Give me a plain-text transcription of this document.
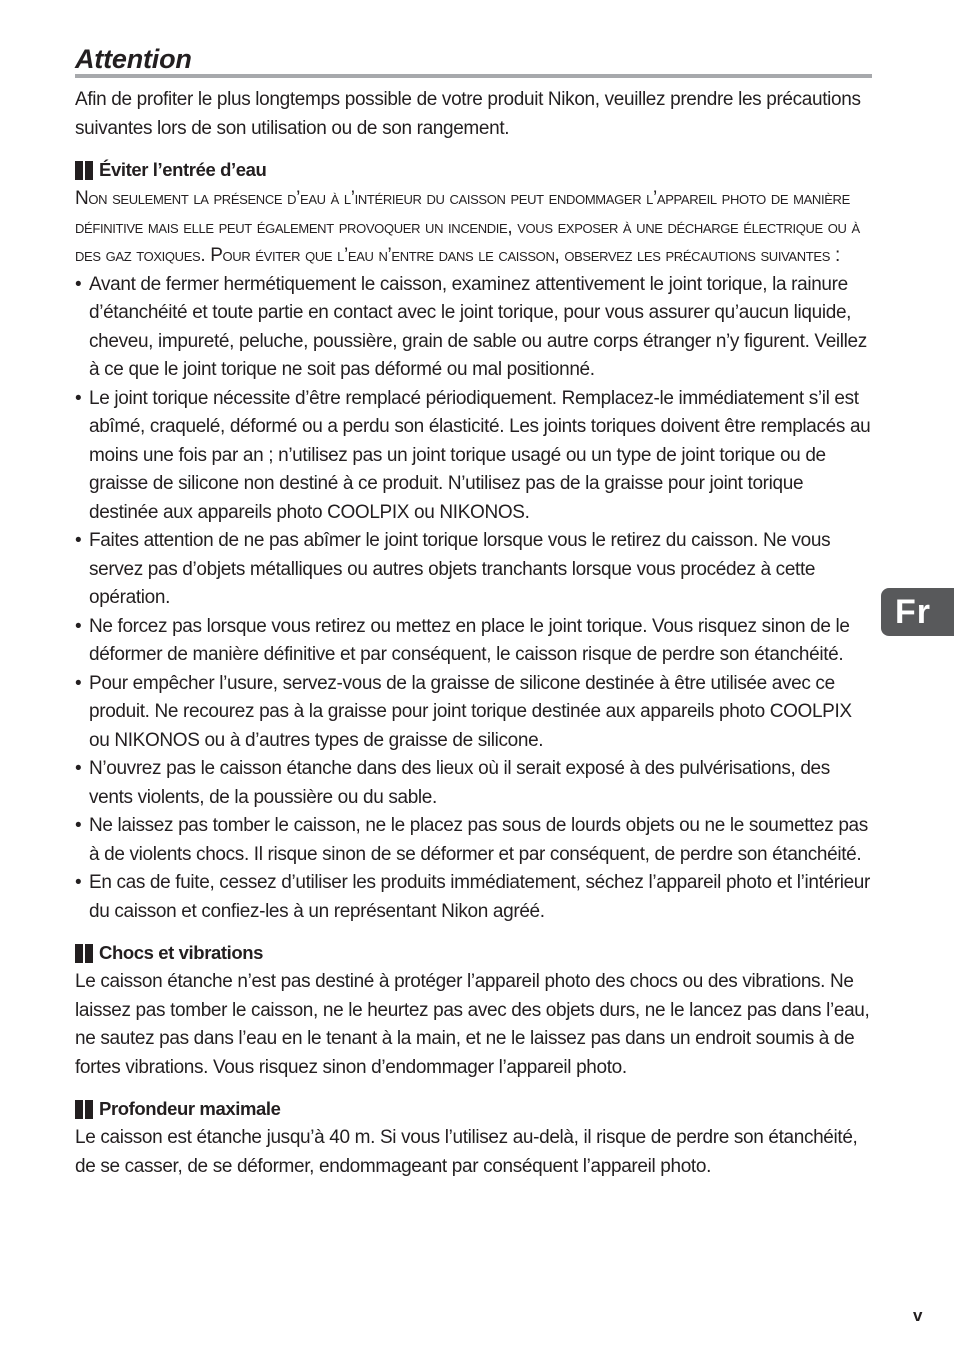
Attention

Afin de profiter le plus longtemps possible de votre produit Nikon, veuillez prendre les précautions suivantes lors de son utilisation ou de son rangement.

Éviter l’entrée d’eau

Non seulement la présence d’eau à l’intérieur du caisson peut endommager l’appareil photo de manière définitive mais elle peut également provoquer un incendie, vous exposer à une décharge électrique ou à des gaz toxiques. Pour éviter que l’eau n’entre dans le caisson, observez les précautions suivantes :

• Avant de fermer hermétiquement le caisson, examinez attentivement le joint torique, la rainure d’étanchéité et toute partie en contact avec le joint torique, pour vous assurer qu’aucun liquide, cheveu, impureté, peluche, poussière, grain de sable ou autre corps étranger n’y figurent. Veillez à ce que le joint torique ne soit pas déformé ou mal positionné.
• Le joint torique nécessite d’être remplacé périodiquement. Remplacez-le immédiatement s’il est abîmé, craquelé, déformé ou a perdu son élasticité. Les joints toriques doivent être remplacés au moins une fois par an ; n’utilisez pas un joint torique usagé ou un type de joint torique ou de graisse de silicone non destiné à ce produit. N’utilisez pas de la graisse pour joint torique destinée aux appareils photo COOLPIX ou NIKONOS.
• Faites attention de ne pas abîmer le joint torique lorsque vous le retirez du caisson. Ne vous servez pas d’objets métalliques ou autres objets tranchants lorsque vous procédez à cette opération.
• Ne forcez pas lorsque vous retirez ou mettez en place le joint torique. Vous risquez sinon de le déformer de manière définitive et par conséquent, le caisson risque de perdre son étanchéité.
• Pour empêcher l’usure, servez-vous de la graisse de silicone destinée à être utilisée avec ce produit. Ne recourez pas à la graisse pour joint torique destinée aux appareils photo COOLPIX ou NIKONOS ou à d’autres types de graisse de silicone.
• N’ouvrez pas le caisson étanche dans des lieux où il serait exposé à des pulvérisations, des vents violents, de la poussière ou du sable.
• Ne laissez pas tomber le caisson, ne le placez pas sous de lourds objets ou ne le soumettez pas à de violents chocs. Il risque sinon de se déformer et par conséquent, de perdre son étanchéité.
• En cas de fuite, cessez d’utiliser les produits immédiatement, séchez l’appareil photo et l’intérieur du caisson et confiez-les à un représentant Nikon agréé.
Chocs et vibrations

Le caisson étanche n’est pas destiné à protéger l’appareil photo des chocs ou des vibrations. Ne laissez pas tomber le caisson, ne le heurtez pas avec des objets durs, ne le lancez pas dans l’eau, ne sautez pas dans l’eau en le tenant à la main, et ne le laissez pas dans un endroit soumis à de fortes vibrations. Vous risquez sinon d’endommager l’appareil photo.

Profondeur maximale

Le caisson est étanche jusqu’à 40 m. Si vous l’utilisez au-delà, il risque de perdre son étanchéité, de se casser, de se déformer, endommageant par conséquent l’appareil photo.

Fr
v
